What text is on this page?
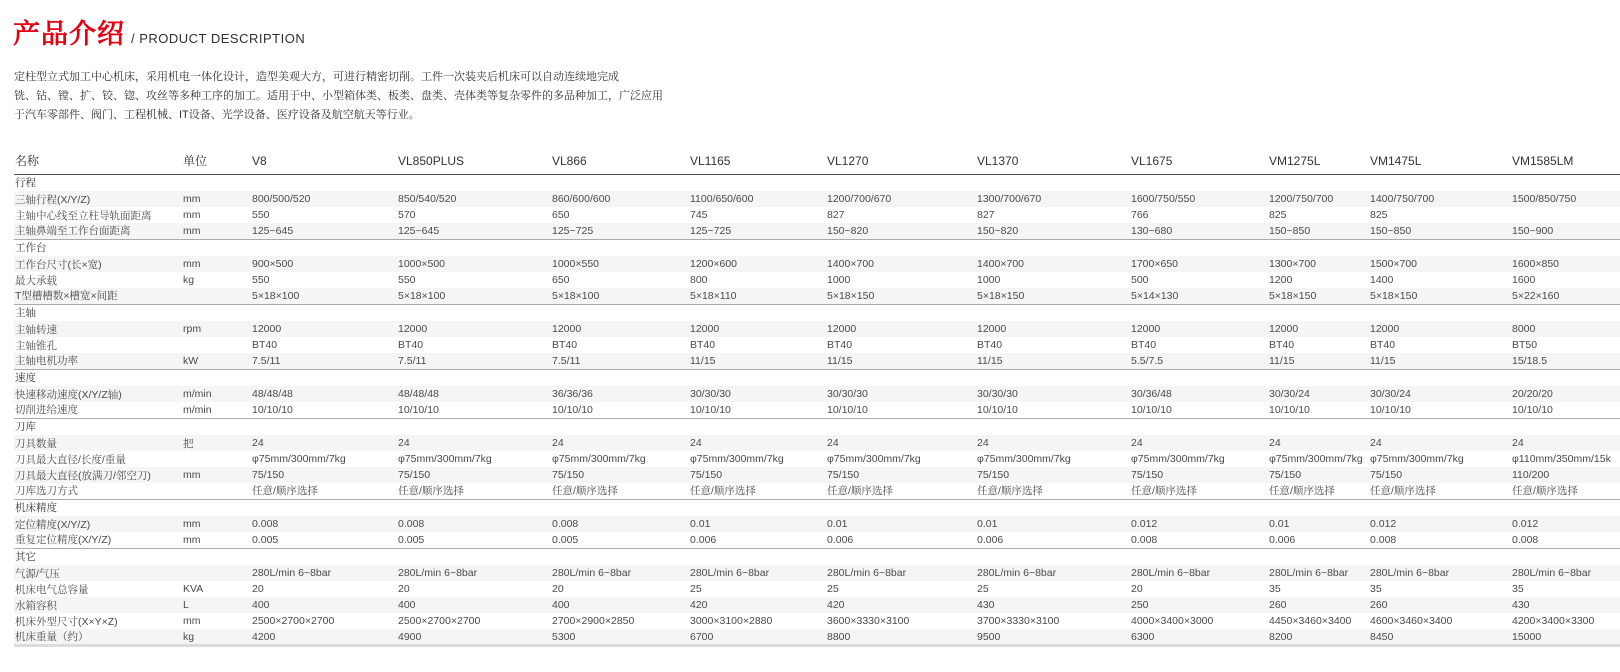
产品介绍 / PRODUCT DESCRIPTION
定柱型立式加工中心机床，采用机电一体化设计，造型美观大方，可进行精密切削。工件一次装夹后机床可以自动连续地完成
铣、钻、镗、扩、铰、锪、攻丝等多种工序的加工。适用于中、小型箱体类、板类、盘类、壳体类等复杂零件的多品种加工，广泛应用
于汽车零部件、阀门、工程机械、IT设备、光学设备、医疗设备及航空航天等行业。
名称	单位	V8	VL850PLUS	VL866	VL1165	VL1270	VL1370	VL1675	VM1275L	VM1475L	VM1585LM
行程											
三轴行程(X/Y/Z)	mm	800/500/520	850/540/520	860/600/600	1100/650/600	1200/700/670	1300/700/670	1600/750/550	1200/750/700	1400/750/700	1500/850/750
主轴中心线至立柱导轨面距离	mm	550	570	650	745	827	827	766	825	825	
主轴鼻端至工作台面距离	mm	125~645	125~645	125~725	125~725	150~820	150~820	130~680	150~850	150~850	150~900
工作台											
工作台尺寸(长×宽)	mm	900×500	1000×500	1000×550	1200×600	1400×700	1400×700	1700×650	1300×700	1500×700	1600×850
最大承载	kg	550	550	650	800	1000	1000	500	1200	1400	1600
T型槽槽数×槽宽×间距		5×18×100	5×18×100	5×18×100	5×18×110	5×18×150	5×18×150	5×14×130	5×18×150	5×18×150	5×22×160
主轴											
主轴转速	rpm	12000	12000	12000	12000	12000	12000	12000	12000	12000	8000
主轴锥孔		BT40	BT40	BT40	BT40	BT40	BT40	BT40	BT40	BT40	BT50
主轴电机功率	kW	7.5/11	7.5/11	7.5/11	11/15	11/15	11/15	5.5/7.5	11/15	11/15	15/18.5
速度											
快速移动速度(X/Y/Z轴)	m/min	48/48/48	48/48/48	36/36/36	30/30/30	30/30/30	30/30/30	30/36/48	30/30/24	30/30/24	20/20/20
切削进给速度	m/min	10/10/10	10/10/10	10/10/10	10/10/10	10/10/10	10/10/10	10/10/10	10/10/10	10/10/10	10/10/10
刀库											
刀具数量	把	24	24	24	24	24	24	24	24	24	24
刀具最大直径/长度/重量		φ75mm/300mm/7kg	φ75mm/300mm/7kg	φ75mm/300mm/7kg	φ75mm/300mm/7kg	φ75mm/300mm/7kg	φ75mm/300mm/7kg	φ75mm/300mm/7kg	φ75mm/300mm/7kg	φ75mm/300mm/7kg	φ110mm/350mm/15k
刀具最大直径(放满刀/邻空刀)	mm	75/150	75/150	75/150	75/150	75/150	75/150	75/150	75/150	75/150	110/200
刀库选刀方式		任意/顺序选择	任意/顺序选择	任意/顺序选择	任意/顺序选择	任意/顺序选择	任意/顺序选择	任意/顺序选择	任意/顺序选择	任意/顺序选择	任意/顺序选择
机床精度											
定位精度(X/Y/Z)	mm	0.008	0.008	0.008	0.01	0.01	0.01	0.012	0.01	0.012	0.012
重复定位精度(X/Y/Z)	mm	0.005	0.005	0.005	0.006	0.006	0.006	0.008	0.006	0.008	0.008
其它											
气源/气压		280L/min 6~8bar	280L/min 6~8bar	280L/min 6~8bar	280L/min 6~8bar	280L/min 6~8bar	280L/min 6~8bar	280L/min 6~8bar	280L/min 6~8bar	280L/min 6~8bar	280L/min 6~8bar
机床电气总容量	KVA	20	20	20	25	25	25	20	35	35	35
水箱容积	L	400	400	400	420	420	430	250	260	260	430
机床外型尺寸(X×Y×Z)	mm	2500×2700×2700	2500×2700×2700	2700×2900×2850	3000×3100×2880	3600×3330×3100	3700×3330×3100	4000×3400×3000	4450×3460×3400	4600×3460×3400	4200×3400×3300
机床重量（约）	kg	4200	4900	5300	6700	8800	9500	6300	8200	8450	15000
